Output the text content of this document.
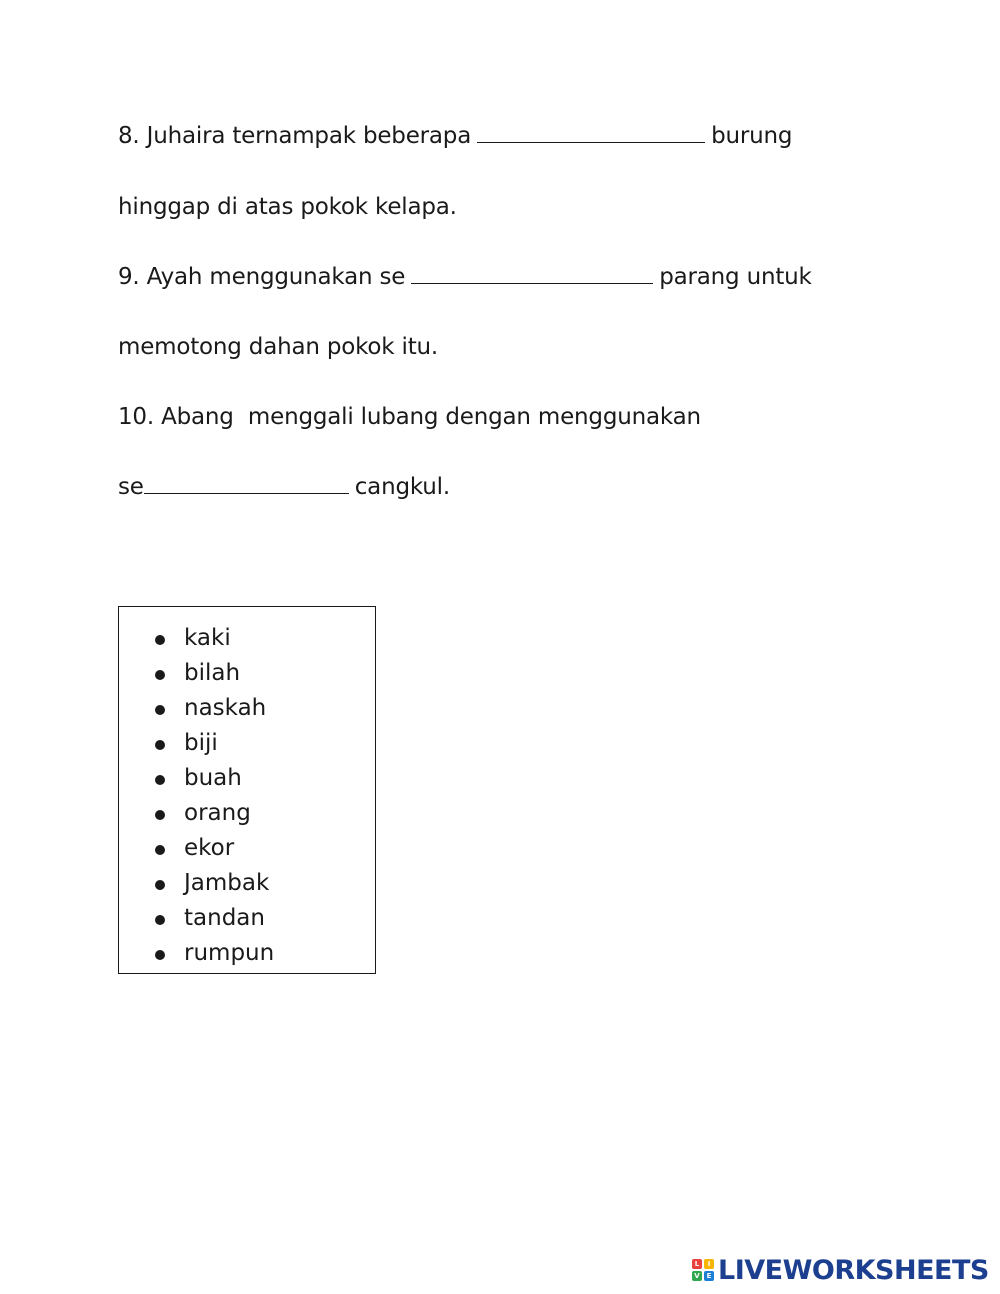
8. Juhaira ternampak beberapa	burung
hinggap di atas pokok kelapa.
9. Ayah menggunakan se	parang untuk
memotong dahan pokok itu.
10. Abang  menggali lubang dengan menggunakan
se	cangkul.
kaki
bilah
naskah
biji
buah
orang
ekor
Jambak
tandan
rumpun
L	I
V E LIVEWORKSHEETS
